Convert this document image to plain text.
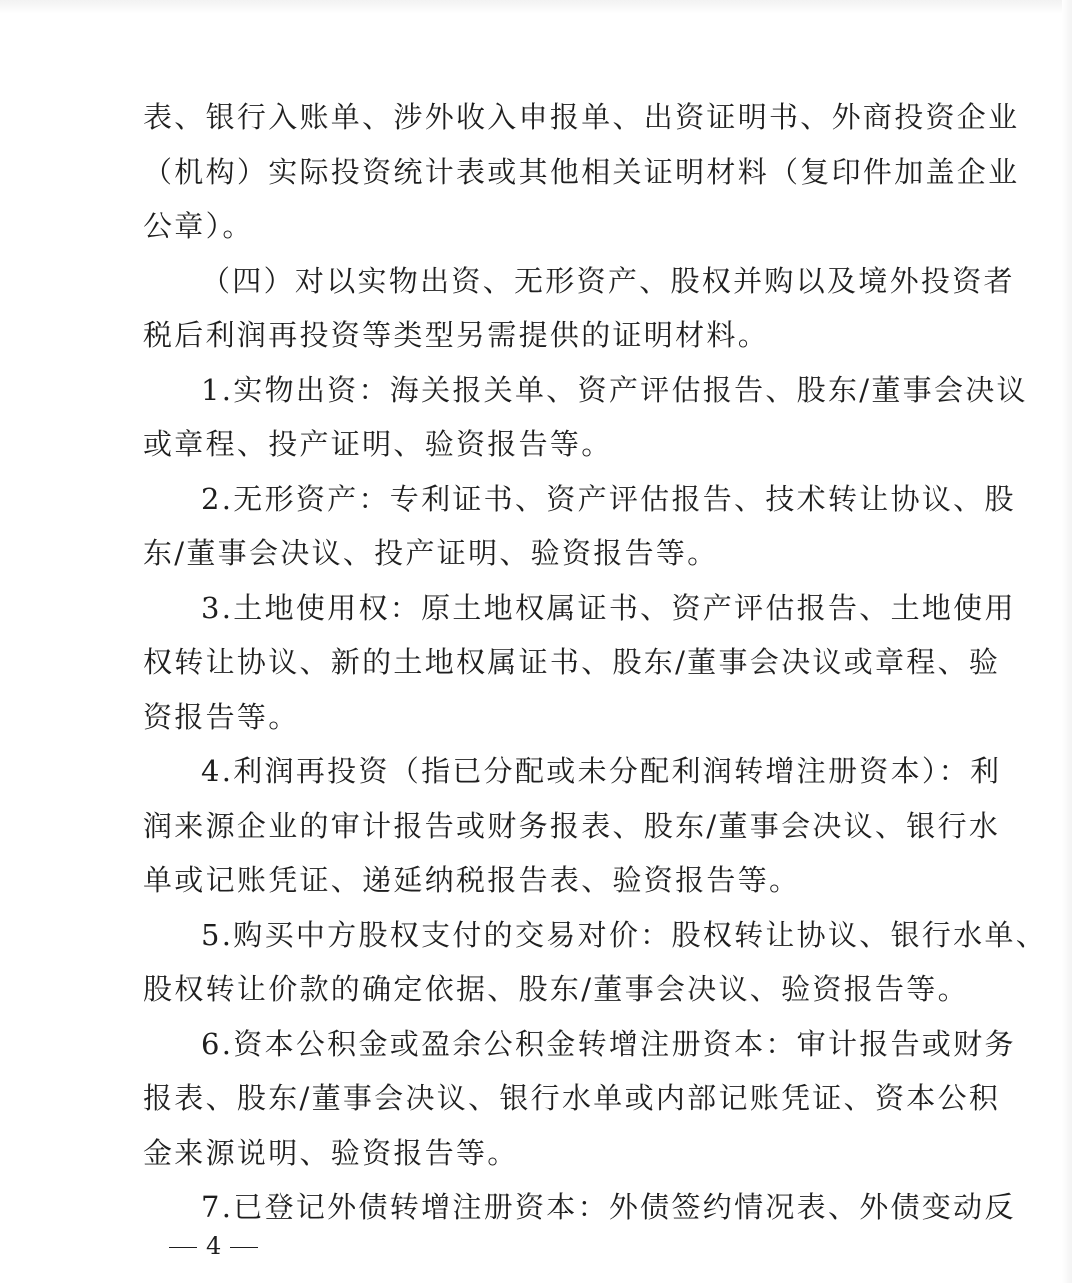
表、银行入账单、涉外收入申报单、出资证明书、外商投资企业
（机构）实际投资统计表或其他相关证明材料（复印件加盖企业
公章）。
（四）对以实物出资、无形资产、股权并购以及境外投资者
税后利润再投资等类型另需提供的证明材料。
1.实物出资：海关报关单、资产评估报告、股东/董事会决议
或章程、投产证明、验资报告等。
2.无形资产：专利证书、资产评估报告、技术转让协议、股
东/董事会决议、投产证明、验资报告等。
3.土地使用权：原土地权属证书、资产评估报告、土地使用
权转让协议、新的土地权属证书、股东/董事会决议或章程、验
资报告等。
4.利润再投资（指已分配或未分配利润转增注册资本）：利
润来源企业的审计报告或财务报表、股东/董事会决议、银行水
单或记账凭证、递延纳税报告表、验资报告等。
5.购买中方股权支付的交易对价：股权转让协议、银行水单、
股权转让价款的确定依据、股东/董事会决议、验资报告等。
6.资本公积金或盈余公积金转增注册资本：审计报告或财务
报表、股东/董事会决议、银行水单或内部记账凭证、资本公积
金来源说明、验资报告等。
7.已登记外债转增注册资本：外债签约情况表、外债变动反
4
